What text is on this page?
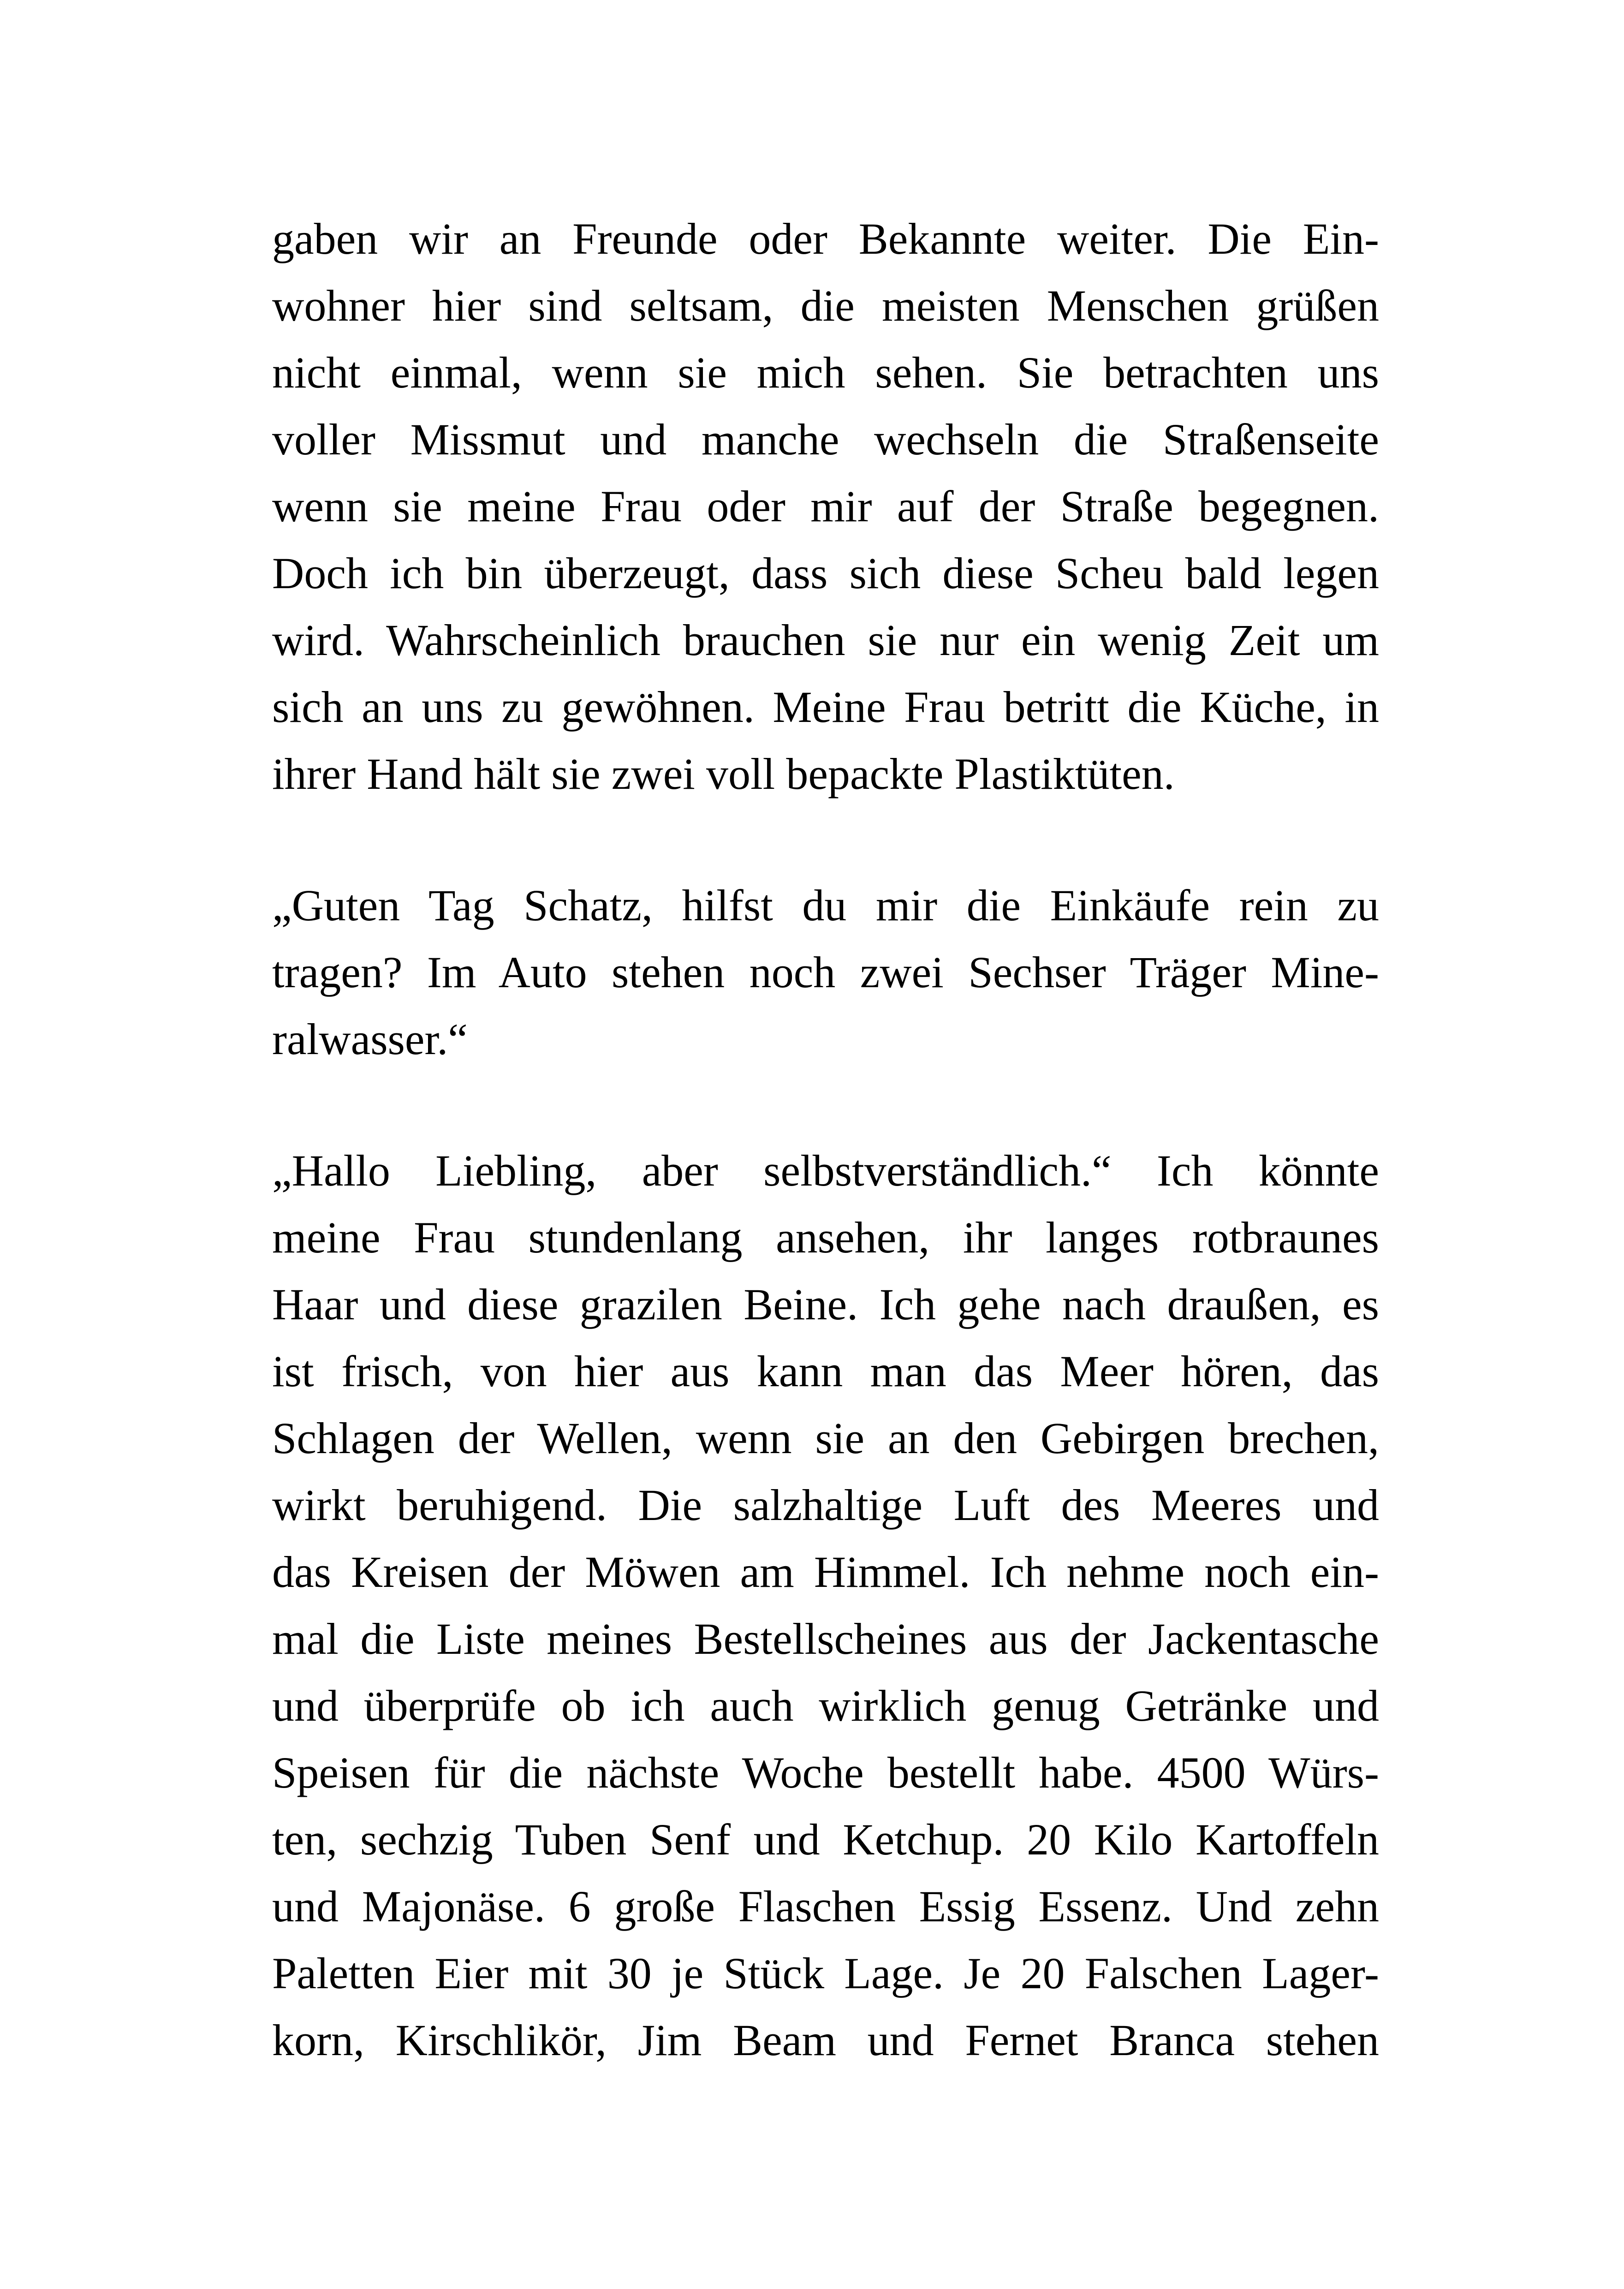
gaben wir an Freunde oder Bekannte weiter. Die Ein-
wohner hier sind seltsam, die meisten Menschen grüßen
nicht einmal, wenn sie mich sehen. Sie betrachten uns
voller Missmut und manche wechseln die Straßenseite
wenn sie meine Frau oder mir auf der Straße begegnen.
Doch ich bin überzeugt, dass sich diese Scheu bald legen
wird. Wahrscheinlich brauchen sie nur ein wenig Zeit um
sich an uns zu gewöhnen. Meine Frau betritt die Küche, in
ihrer Hand hält sie zwei voll bepackte Plastiktüten.
„Guten Tag Schatz, hilfst du mir die Einkäufe rein zu
tragen? Im Auto stehen noch zwei Sechser Träger Mine-
ralwasser.“
„Hallo Liebling, aber selbstverständlich.“ Ich könnte
meine Frau stundenlang ansehen, ihr langes rotbraunes
Haar und diese grazilen Beine. Ich gehe nach draußen, es
ist frisch, von hier aus kann man das Meer hören, das
Schlagen der Wellen, wenn sie an den Gebirgen brechen,
wirkt beruhigend. Die salzhaltige Luft des Meeres und
das Kreisen der Möwen am Himmel. Ich nehme noch ein-
mal die Liste meines Bestellscheines aus der Jackentasche
und überprüfe ob ich auch wirklich genug Getränke und
Speisen für die nächste Woche bestellt habe. 4500 Würs-
ten, sechzig Tuben Senf und Ketchup. 20 Kilo Kartoffeln
und Majonäse. 6 große Flaschen Essig Essenz. Und zehn
Paletten Eier mit 30 je Stück Lage. Je 20 Falschen Lager-
korn, Kirschlikör, Jim Beam und Fernet Branca stehen
